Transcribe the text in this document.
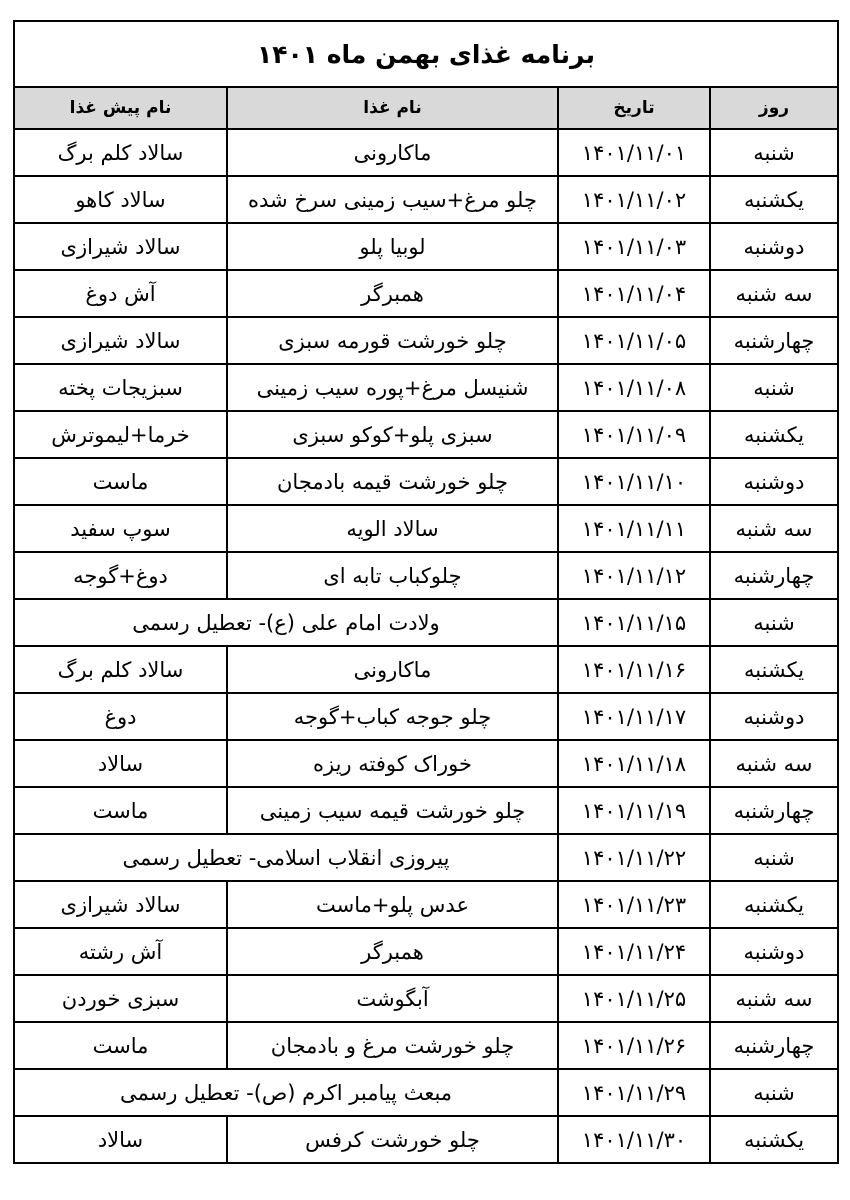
برنامه غذای بهمن ماه ۱۴۰۱			
روز	تاریخ	نام غذا	نام پیش غذا
شنبه	۱۴۰۱/۱۱/۰۱	ماکارونی	سالاد کلم برگ
یکشنبه	۱۴۰۱/۱۱/۰۲	چلو مرغ+سیب زمینی سرخ شده	سالاد کاهو
دوشنبه	۱۴۰۱/۱۱/۰۳	لوبیا پلو	سالاد شیرازی
سه شنبه	۱۴۰۱/۱۱/۰۴	همبرگر	آش دوغ
چهارشنبه	۱۴۰۱/۱۱/۰۵	چلو خورشت قورمه سبزی	سالاد شیرازی
شنبه	۱۴۰۱/۱۱/۰۸	شنیسل مرغ+پوره سیب زمینی	سبزیجات پخته
یکشنبه	۱۴۰۱/۱۱/۰۹	سبزی پلو+کوکو سبزی	خرما+لیموترش
دوشنبه	۱۴۰۱/۱۱/۱۰	چلو خورشت قیمه بادمجان	ماست
سه شنبه	۱۴۰۱/۱۱/۱۱	سالاد الویه	سوپ سفید
چهارشنبه	۱۴۰۱/۱۱/۱۲	چلوکباب تابه ای	دوغ+گوجه
شنبه	۱۴۰۱/۱۱/۱۵	ولادت امام علی (ع)- تعطیل رسمی	
یکشنبه	۱۴۰۱/۱۱/۱۶	ماکارونی	سالاد کلم برگ
دوشنبه	۱۴۰۱/۱۱/۱۷	چلو جوجه کباب+گوجه	دوغ
سه شنبه	۱۴۰۱/۱۱/۱۸	خوراک کوفته ریزه	سالاد
چهارشنبه	۱۴۰۱/۱۱/۱۹	چلو خورشت قیمه سیب زمینی	ماست
شنبه	۱۴۰۱/۱۱/۲۲	پیروزی انقلاب اسلامی- تعطیل رسمی	
یکشنبه	۱۴۰۱/۱۱/۲۳	عدس پلو+ماست	سالاد شیرازی
دوشنبه	۱۴۰۱/۱۱/۲۴	همبرگر	آش رشته
سه شنبه	۱۴۰۱/۱۱/۲۵	آبگوشت	سبزی خوردن
چهارشنبه	۱۴۰۱/۱۱/۲۶	چلو خورشت مرغ و بادمجان	ماست
شنبه	۱۴۰۱/۱۱/۲۹	مبعث پیامبر اکرم (ص)- تعطیل رسمی	
یکشنبه	۱۴۰۱/۱۱/۳۰	چلو خورشت کرفس	سالاد
